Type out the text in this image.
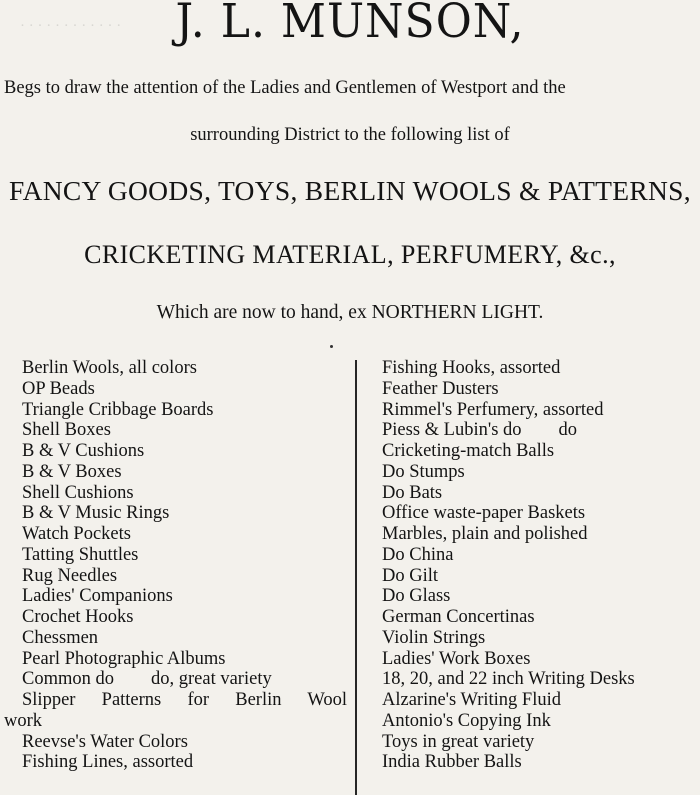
· · · · · · · · · · · ·	J. L. MUNSON,
Begs to draw the attention of the Ladies and Gentlemen of Westport and the
surrounding District to the following list of
FANCY GOODS, TOYS, BERLIN WOOLS & PATTERNS,
CRICKETING MATERIAL, PERFUMERY, &c.,
Which are now to hand, ex NORTHERN LIGHT.
Berlin Wools, all colors
OP Beads
Triangle Cribbage Boards
Shell Boxes
B & V Cushions
B & V Boxes
Shell Cushions
B & V Music Rings
Watch Pockets
Tatting Shuttles
Rug Needles
Ladies' Companions
Crochet Hooks
Chessmen
Pearl Photographic Albums
Common do        do, great variety
Slipper Patterns for Berlin Wool
work
Reevse's Water Colors
Fishing Lines, assorted
Fishing Hooks, assorted
Feather Dusters
Rimmel's Perfumery, assorted
Piess & Lubin's do        do
Cricketing-match Balls
Do Stumps
Do Bats
Office waste-paper Baskets
Marbles, plain and polished
Do China
Do Gilt
Do Glass
German Concertinas
Violin Strings
Ladies' Work Boxes
18, 20, and 22 inch Writing Desks
Alzarine's Writing Fluid
Antonio's Copying Ink
Toys in great variety
India Rubber Balls
